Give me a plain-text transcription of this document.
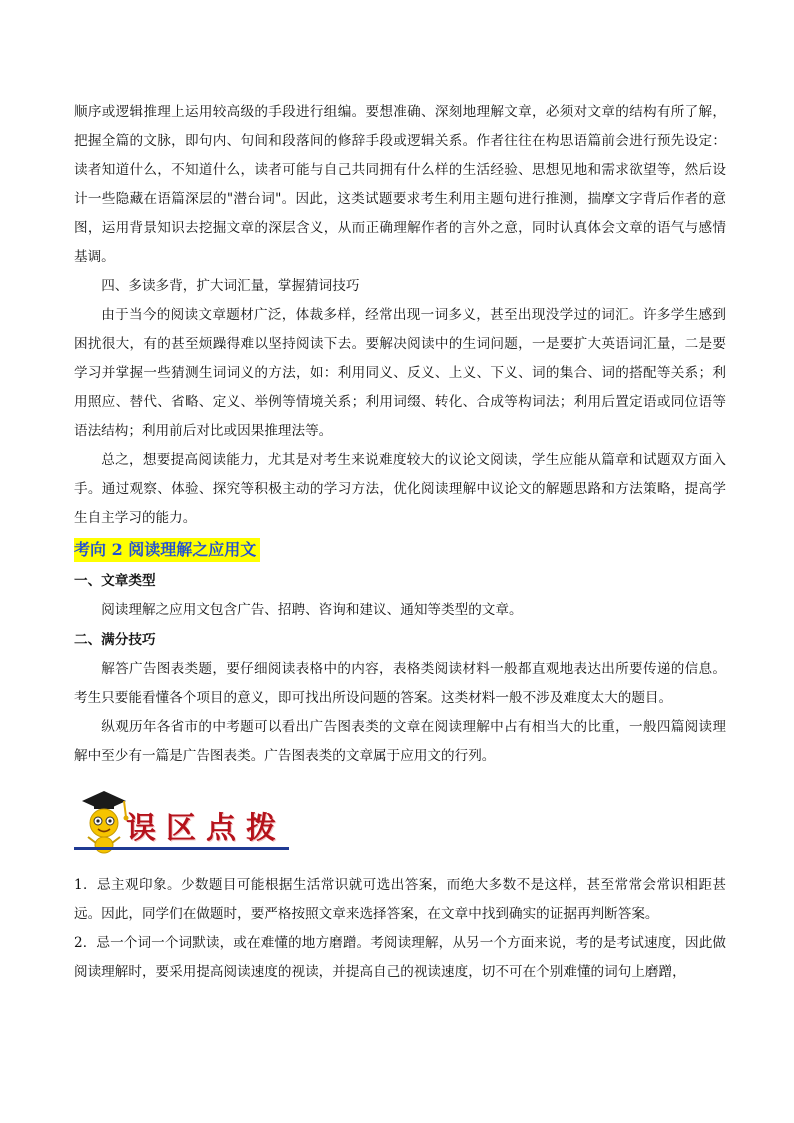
顺序或逻辑推理上运用较高级的手段进行组编。要想准确、深刻地理解文章，必须对文章的结构有所了解，把握全篇的文脉，即句内、句间和段落间的修辞手段或逻辑关系。作者往往在构思语篇前会进行预先设定：读者知道什么，不知道什么，读者可能与自己共同拥有什么样的生活经验、思想见地和需求欲望等，然后设计一些隐藏在语篇深层的"潜台词"。因此，这类试题要求考生利用主题句进行推测，揣摩文字背后作者的意图，运用背景知识去挖掘文章的深层含义，从而正确理解作者的言外之意，同时认真体会文章的语气与感情基调。

四、多读多背，扩大词汇量，掌握猜词技巧

由于当今的阅读文章题材广泛，体裁多样，经常出现一词多义，甚至出现没学过的词汇。许多学生感到困扰很大，有的甚至烦躁得难以坚持阅读下去。要解决阅读中的生词问题，一是要扩大英语词汇量，二是要学习并掌握一些猜测生词词义的方法，如：利用同义、反义、上义、下义、词的集合、词的搭配等关系；利用照应、替代、省略、定义、举例等情境关系；利用词缀、转化、合成等构词法；利用后置定语或同位语等语法结构；利用前后对比或因果推理法等。

总之，想要提高阅读能力，尤其是对考生来说难度较大的议论文阅读，学生应能从篇章和试题双方面入手。通过观察、体验、探究等积极主动的学习方法，优化阅读理解中议论文的解题思路和方法策略，提高学生自主学习的能力。

考向 2 阅读理解之应用文
一、文章类型

阅读理解之应用文包含广告、招聘、咨询和建议、通知等类型的文章。

二、满分技巧

解答广告图表类题，要仔细阅读表格中的内容，表格类阅读材料一般都直观地表达出所要传递的信息。考生只要能看懂各个项目的意义，即可找出所设问题的答案。这类材料一般不涉及难度太大的题目。

纵观历年各省市的中考题可以看出广告图表类的文章在阅读理解中占有相当大的比重，一般四篇阅读理解中至少有一篇是广告图表类。广告图表类的文章属于应用文的行列。

误区点拨

1．忌主观印象。少数题目可能根据生活常识就可选出答案，而绝大多数不是这样，甚至常常会常识相距甚远。因此，同学们在做题时，要严格按照文章来选择答案，在文章中找到确实的证据再判断答案。

2．忌一个词一个词默读，或在难懂的地方磨蹭。考阅读理解，从另一个方面来说，考的是考试速度，因此做阅读理解时，要采用提高阅读速度的视读，并提高自己的视读速度，切不可在个别难懂的词句上磨蹭，
